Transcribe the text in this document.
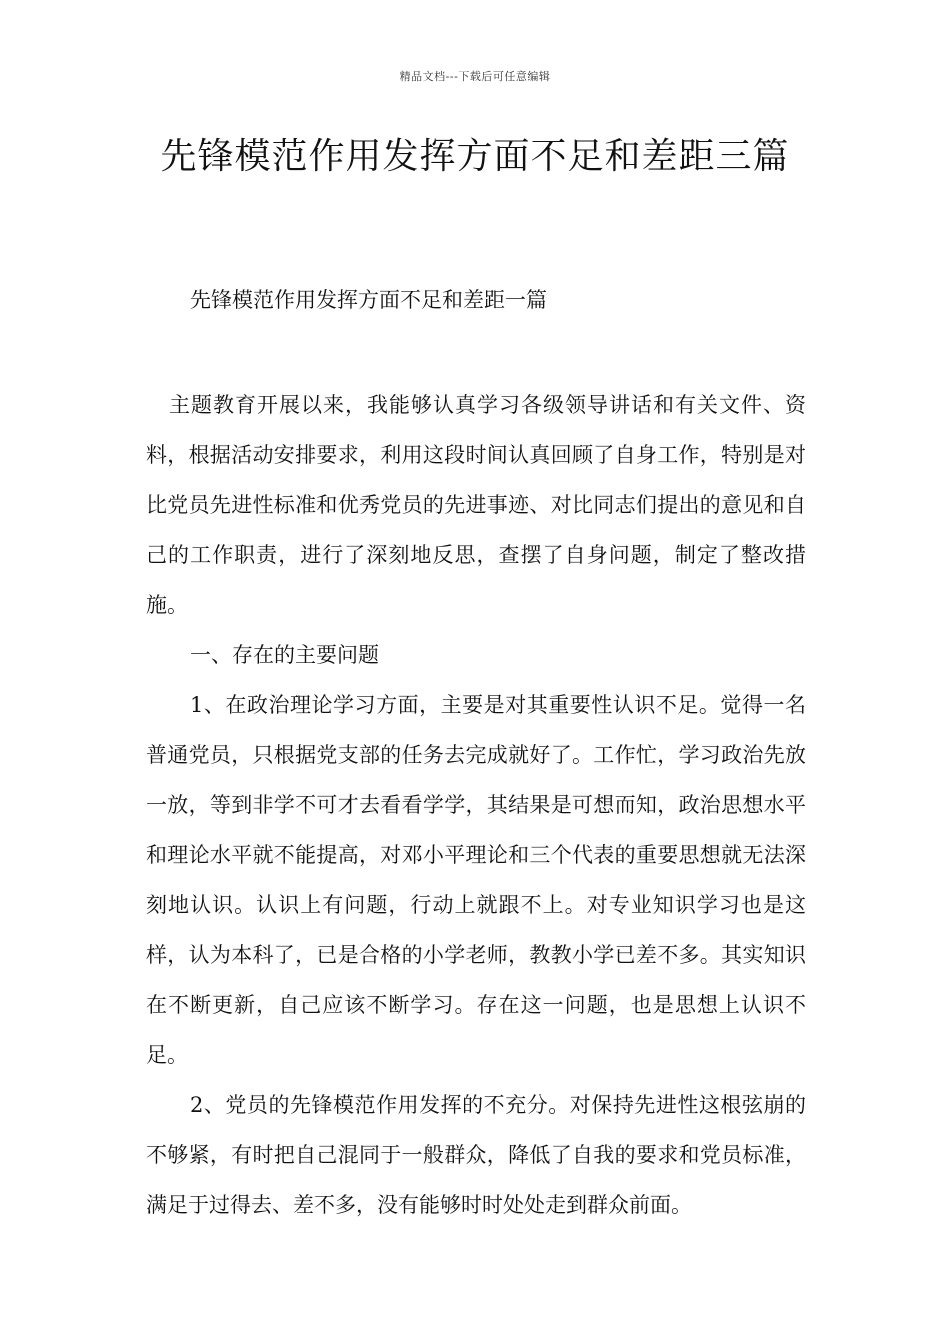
精品文档---下载后可任意编辑
先锋模范作用发挥方面不足和差距三篇
先锋模范作用发挥方面不足和差距一篇

主题教育开展以来，我能够认真学习各级领导讲话和有关文件、资料，根据活动安排要求，利用这段时间认真回顾了自身工作，特别是对比党员先进性标准和优秀党员的先进事迹、对比同志们提出的意见和自己的工作职责，进行了深刻地反思，查摆了自身问题，制定了整改措施。

一、存在的主要问题

1、在政治理论学习方面，主要是对其重要性认识不足。觉得一名普通党员，只根据党支部的任务去完成就好了。工作忙，学习政治先放一放，等到非学不可才去看看学学，其结果是可想而知，政治思想水平和理论水平就不能提高，对邓小平理论和三个代表的重要思想就无法深刻地认识。认识上有问题，行动上就跟不上。对专业知识学习也是这样，认为本科了，已是合格的小学老师，教教小学已差不多。其实知识在不断更新，自己应该不断学习。存在这一问题，也是思想上认识不足。

2、党员的先锋模范作用发挥的不充分。对保持先进性这根弦崩的不够紧，有时把自己混同于一般群众，降低了自我的要求和党员标准，满足于过得去、差不多，没有能够时时处处走到群众前面。
